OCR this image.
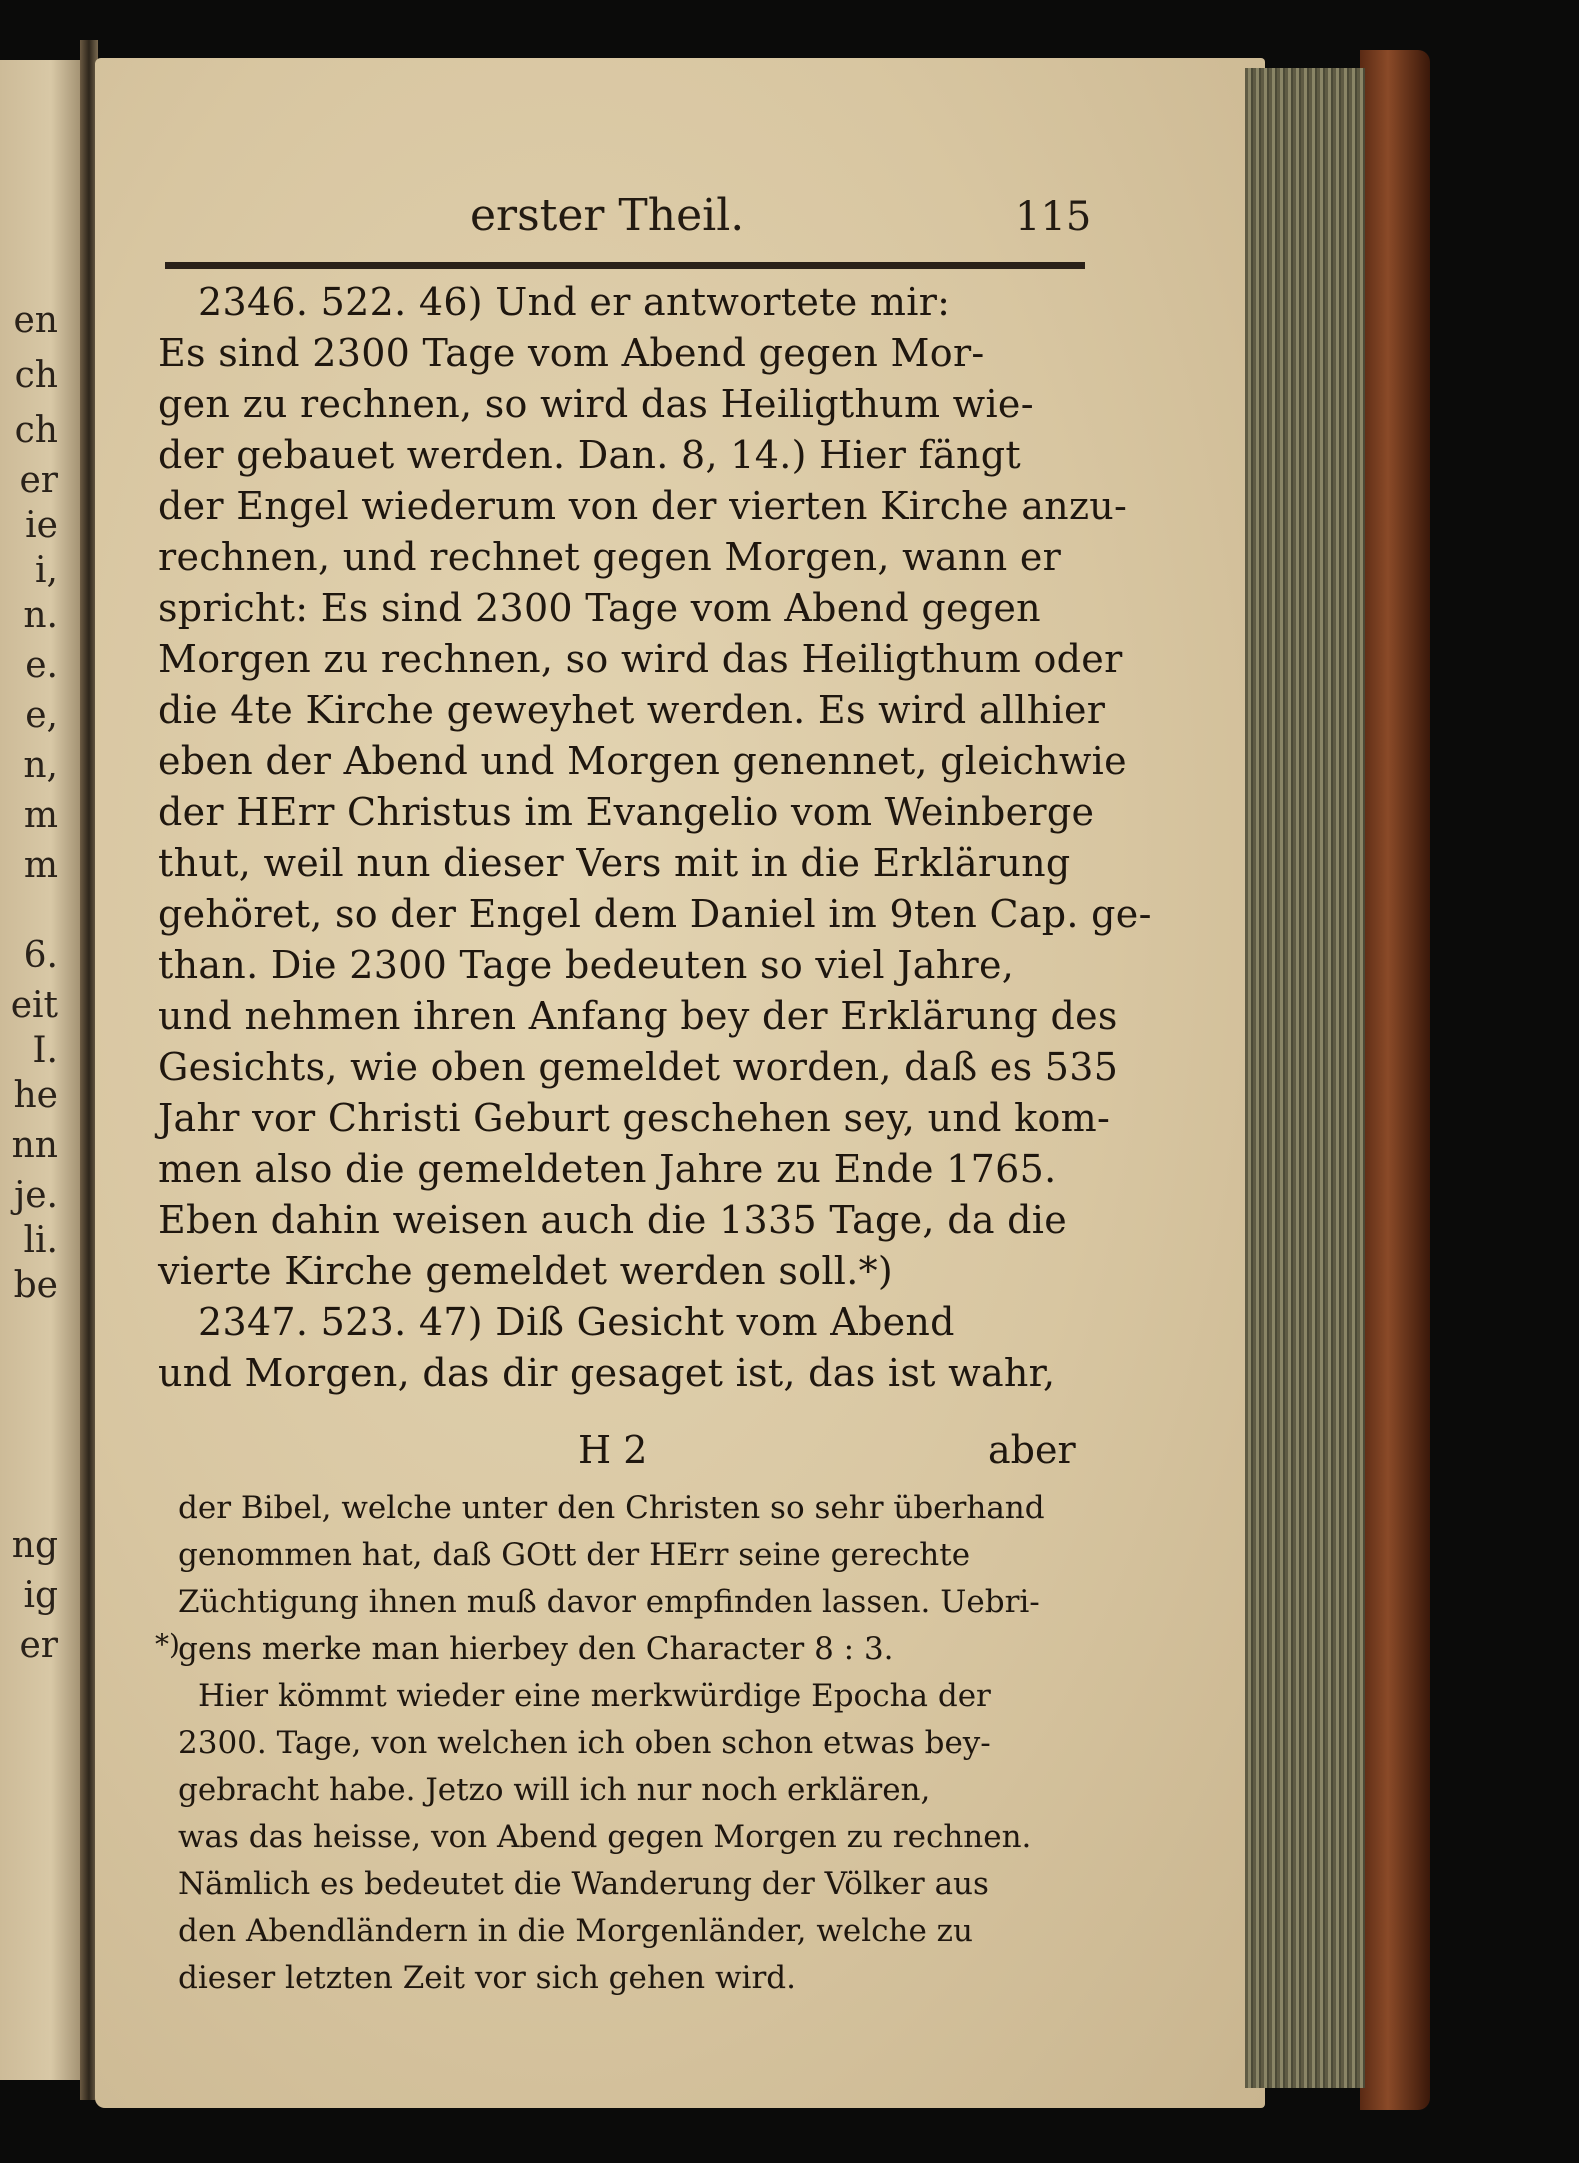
en
ch
ch
er
ie
i,
n.
e.
e,
n,
m
m
6.
eit
I.
he
nn
je.
li.
be
ng
ig
er
erster Theil.	115
2346. 522. 46) Und er antwortete mir:
Es sind 2300 Tage vom Abend gegen Mor-
gen zu rechnen, so wird das Heiligthum wie-
der gebauet werden. Dan. 8, 14.) Hier fängt
der Engel wiederum von der vierten Kirche anzu-
rechnen, und rechnet gegen Morgen, wann er
spricht: Es sind 2300 Tage vom Abend gegen
Morgen zu rechnen, so wird das Heiligthum oder
die 4te Kirche geweyhet werden. Es wird allhier
eben der Abend und Morgen genennet, gleichwie
der HErr Christus im Evangelio vom Weinberge
thut, weil nun dieser Vers mit in die Erklärung
gehöret, so der Engel dem Daniel im 9ten Cap. ge-
than. Die 2300 Tage bedeuten so viel Jahre,
und nehmen ihren Anfang bey der Erklärung des
Gesichts, wie oben gemeldet worden, daß es 535
Jahr vor Christi Geburt geschehen sey, und kom-
men also die gemeldeten Jahre zu Ende 1765.
Eben dahin weisen auch die 1335 Tage, da die
vierte Kirche gemeldet werden soll.*)
2347. 523. 47) Diß Gesicht vom Abend
und Morgen, das dir gesaget ist, das ist wahr,
H 2	aber
der Bibel, welche unter den Christen so sehr überhand
genommen hat, daß GOtt der HErr seine gerechte
Züchtigung ihnen muß davor empfinden lassen. Uebri-
gens merke man hierbey den Character 8 : 3.
Hier kömmt wieder eine merkwürdige Epocha der
2300. Tage, von welchen ich oben schon etwas bey-
gebracht habe. Jetzo will ich nur noch erklären,
was das heisse, von Abend gegen Morgen zu rechnen.
Nämlich es bedeutet die Wanderung der Völker aus
den Abendländern in die Morgenländer, welche zu
dieser letzten Zeit vor sich gehen wird.
*)
